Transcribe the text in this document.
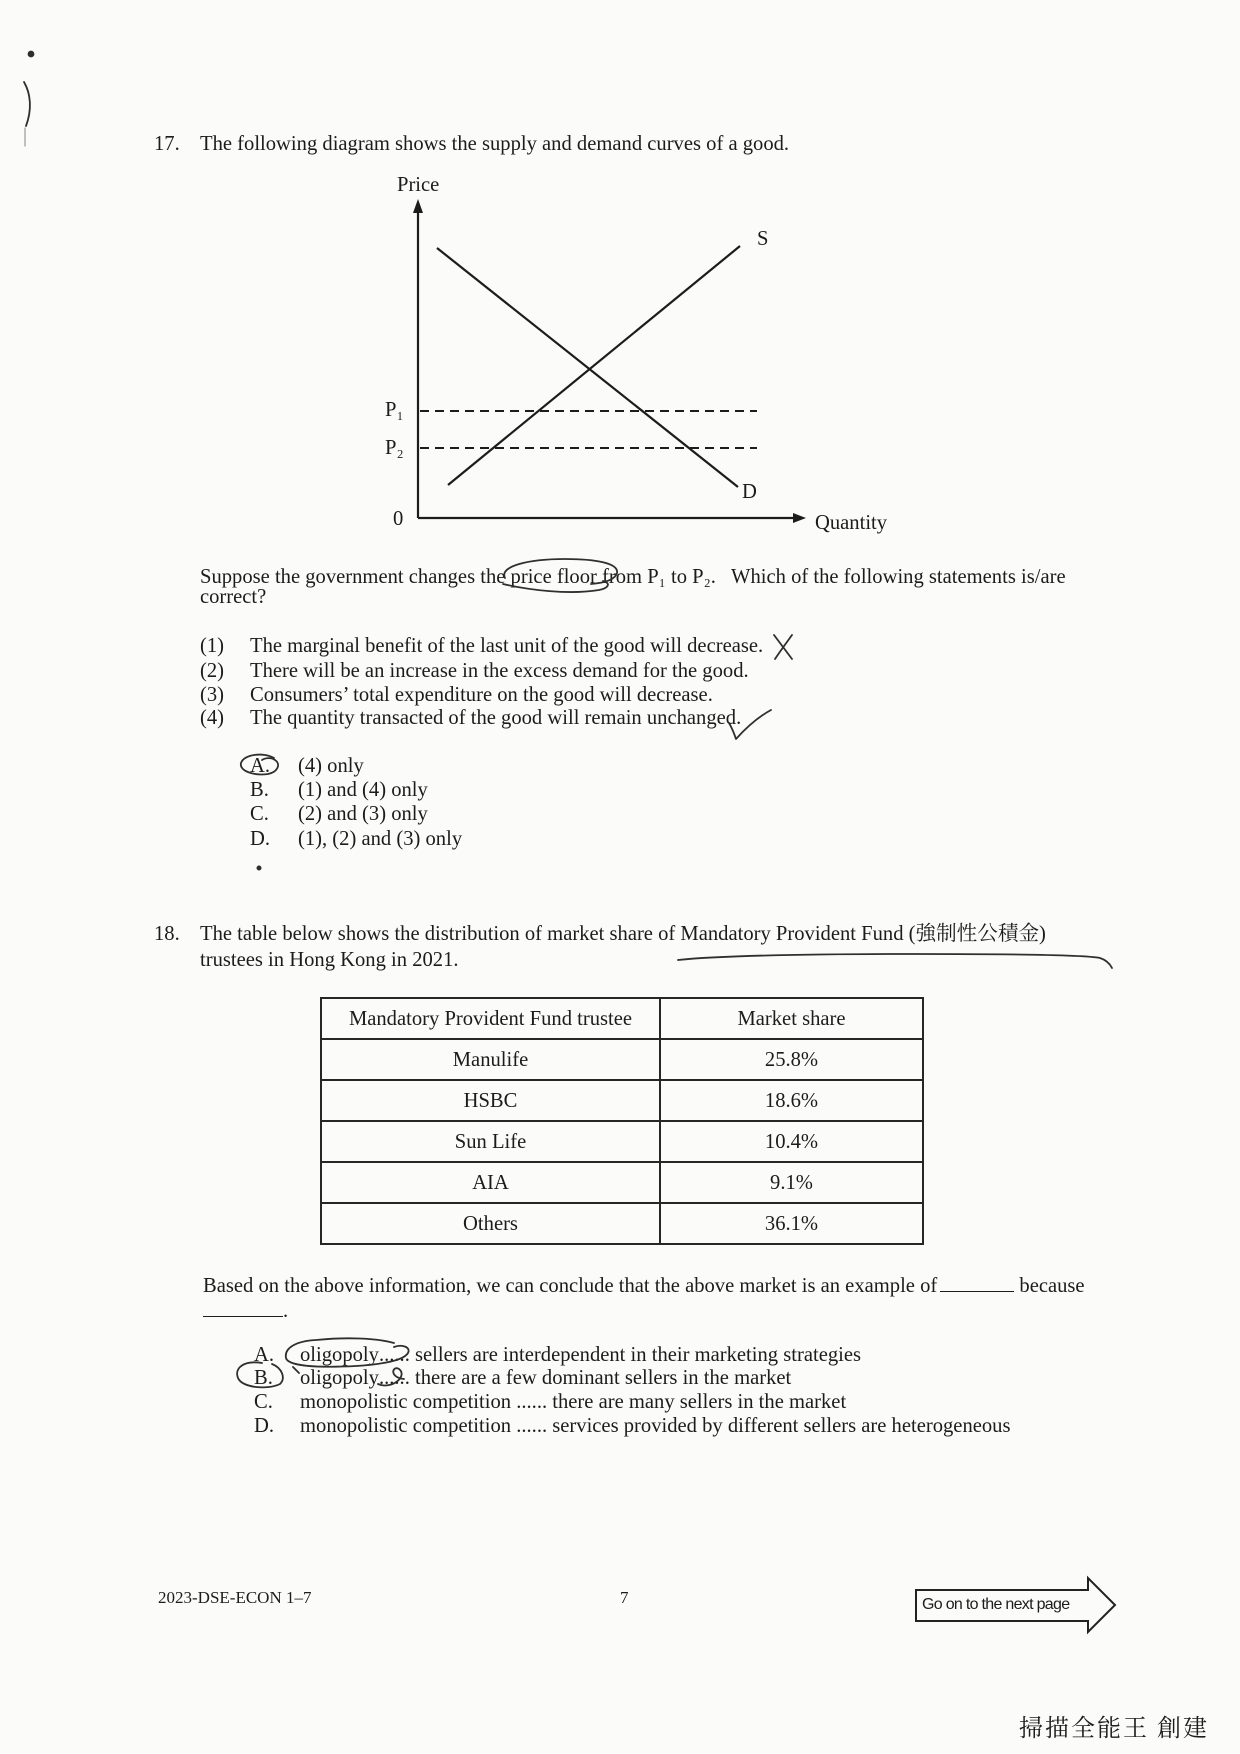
17. The following diagram shows the supply and demand curves of a good.
Price
P₁
P₂
0
S
D
Quantity
Suppose the government changes the price floor
from P₁ to P₂.   Which of the following statements is/are
correct?
(1) The marginal benefit of the last unit of the good will decrease.
(2) There will be an increase in the excess demand for the good.
(3) Consumers’ total expenditure on the good will decrease.
(4) The quantity transacted of the good will remain unchanged.
A. (4) only
B. (1) and (4) only
C. (2) and (3) only
D. (1), (2) and (3) only
18. The table below shows the distribution of market share of Mandatory Provident Fund (強制性公積金)
trustees in Hong Kong in 2021.
Mandatory Provident Fund trustee	Market share
Manulife	25.8%
HSBC	18.6%
Sun Life	10.4%
AIA	9.1%
Others	36.1%
Based on the above information, we can conclude that the above market is an example of	because
.
A. oligopoly
...... sellers are interdependent in their marketing strategies
B. oligopoly
...... there are a few dominant sellers in the market
C. monopolistic competition ...... there are many sellers in the market
D. monopolistic competition ...... services provided by different sellers are heterogeneous
2023-DSE-ECON 1–7	7	Go on to the next page
掃描全能王 創建
